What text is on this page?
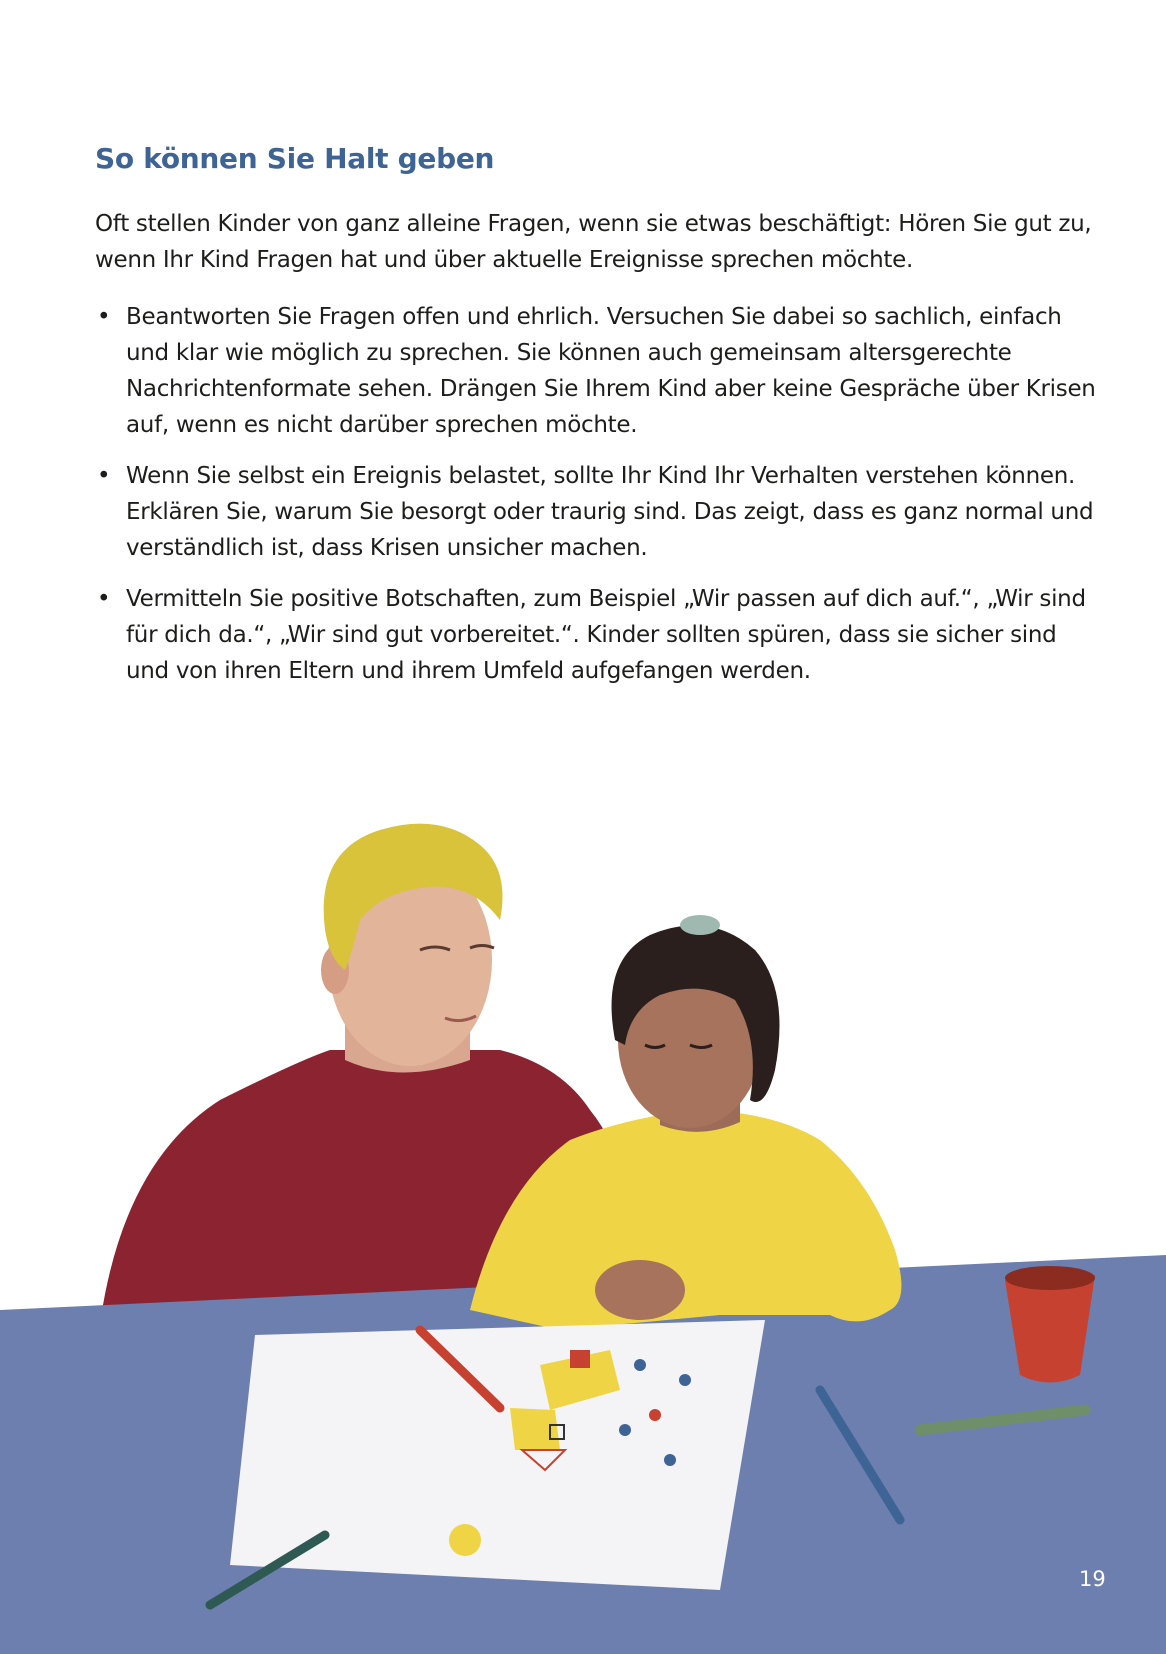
So können Sie Halt geben

Oft stellen Kinder von ganz alleine Fragen, wenn sie etwas beschäftigt: Hören Sie gut zu, wenn Ihr Kind Fragen hat und über aktuelle Ereignisse sprechen möchte.

• Beantworten Sie Fragen offen und ehrlich. Versuchen Sie dabei so sachlich, einfach und klar wie möglich zu sprechen. Sie können auch gemeinsam altersgerechte Nachrichtenformate sehen. Drängen Sie Ihrem Kind aber keine Gespräche über Krisen auf, wenn es nicht darüber sprechen möchte.
• Wenn Sie selbst ein Ereignis belastet, sollte Ihr Kind Ihr Verhalten verstehen können. Erklären Sie, warum Sie besorgt oder traurig sind. Das zeigt, dass es ganz normal und verständlich ist, dass Krisen unsicher machen.
• Vermitteln Sie positive Botschaften, zum Beispiel „Wir passen auf dich auf.“, „Wir sind für dich da.“, „Wir sind gut vorbereitet.“. Kinder sollten spüren, dass sie sicher sind und von ihren Eltern und ihrem Umfeld aufgefangen werden.
19
